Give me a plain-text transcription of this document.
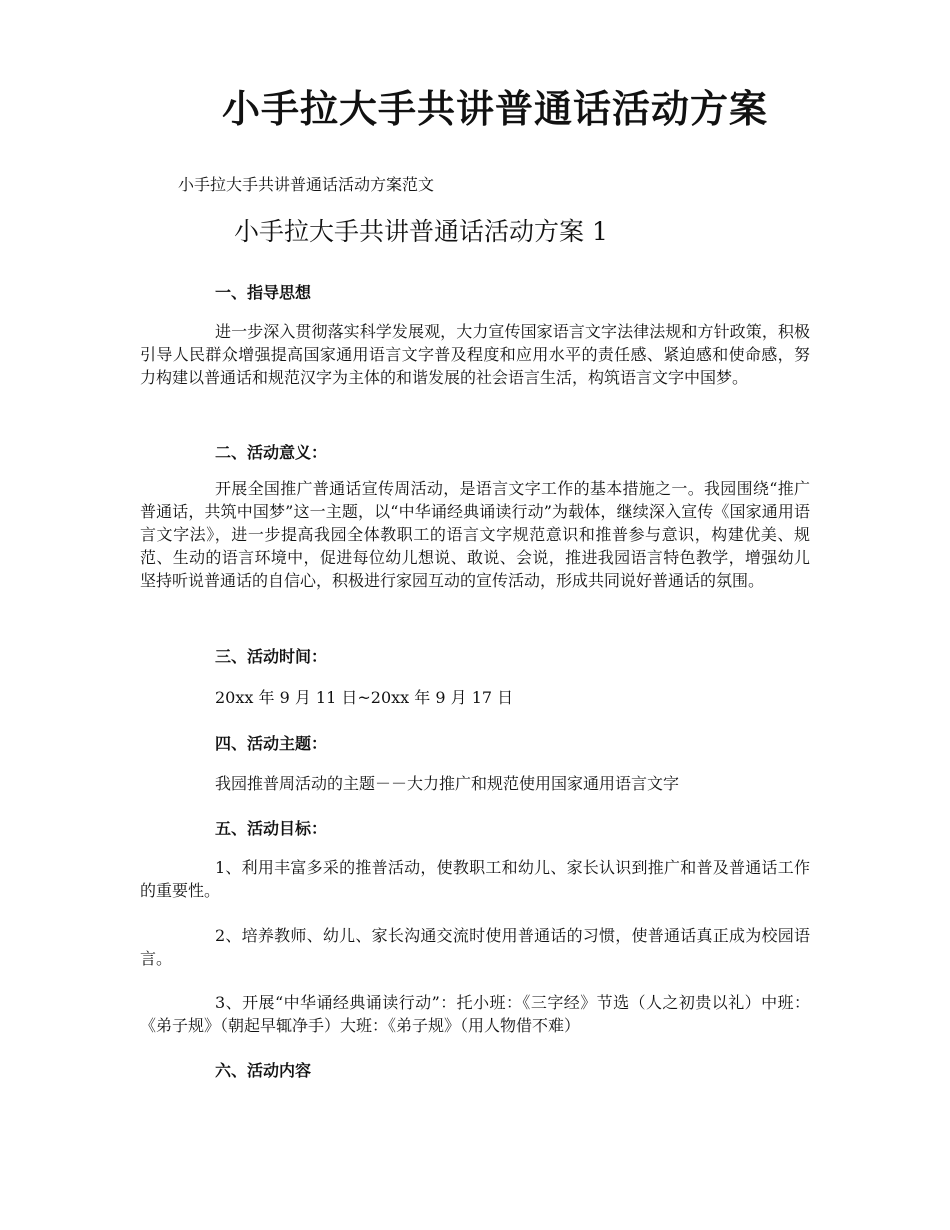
小手拉大手共讲普通话活动方案
小手拉大手共讲普通话活动方案范文
小手拉大手共讲普通话活动方案 1
一、指导思想
进一步深入贯彻落实科学发展观，大力宣传国家语言文字法律法规和方针政策，积极引导人民群众增强提高国家通用语言文字普及程度和应用水平的责任感、紧迫感和使命感，努力构建以普通话和规范汉字为主体的和谐发展的社会语言生活，构筑语言文字中国梦。
二、活动意义：
开展全国推广普通话宣传周活动，是语言文字工作的基本措施之一。我园围绕“推广普通话，共筑中国梦”这一主题，以“中华诵经典诵读行动”为载体，继续深入宣传《国家通用语言文字法》，进一步提高我园全体教职工的语言文字规范意识和推普参与意识，构建优美、规范、生动的语言环境中，促进每位幼儿想说、敢说、会说，推进我园语言特色教学，增强幼儿坚持听说普通话的自信心，积极进行家园互动的宣传活动，形成共同说好普通话的氛围。
三、活动时间：
20xx 年 9 月 11 日~20xx 年 9 月 17 日
四、活动主题：
我园推普周活动的主题－－大力推广和规范使用国家通用语言文字
五、活动目标：
1、利用丰富多采的推普活动，使教职工和幼儿、家长认识到推广和普及普通话工作的重要性。
2、培养教师、幼儿、家长沟通交流时使用普通话的习惯，使普通话真正成为校园语言。
3、开展“中华诵经典诵读行动”：托小班：《三字经》节选（人之初贵以礼）中班：《弟子规》（朝起早辄净手）大班：《弟子规》（用人物借不难）
六、活动内容
